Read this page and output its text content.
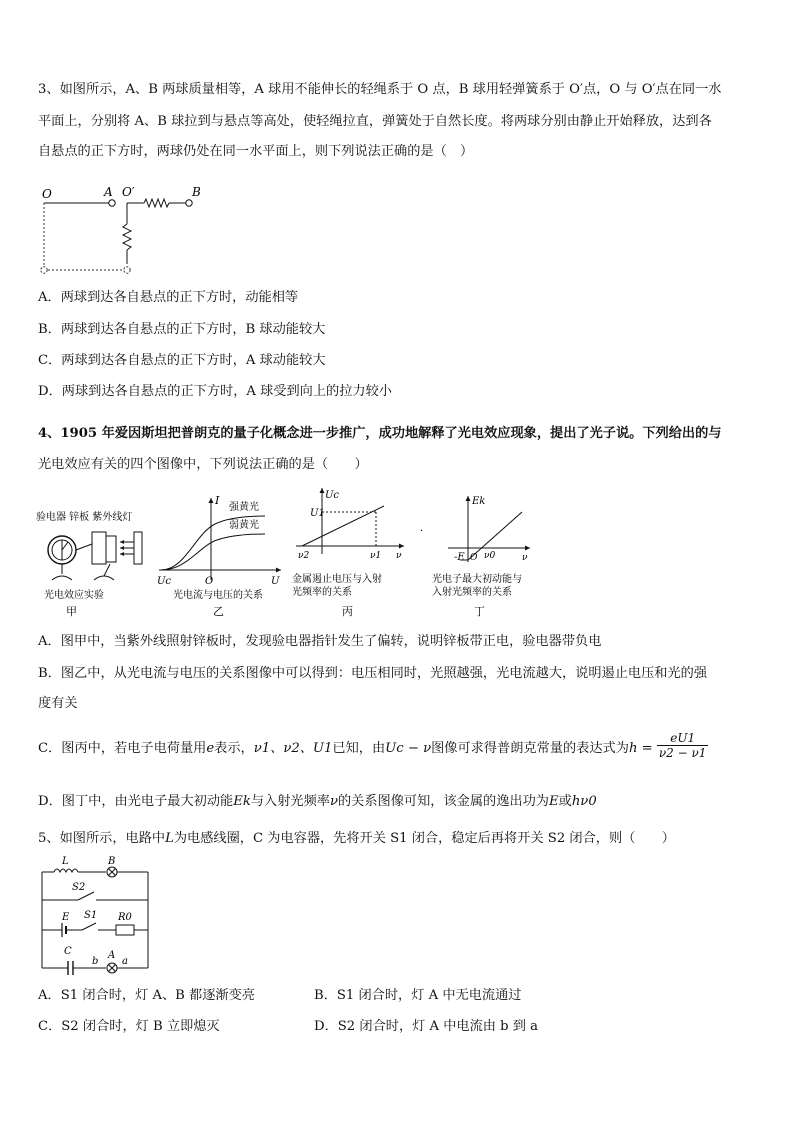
3、如图所示，A、B 两球质量相等，A 球用不能伸长的轻绳系于 O 点，B 球用轻弹簧系于 O′点，O 与 O′点在同一水
平面上，分别将 A、B 球拉到与悬点等高处，使轻绳拉直，弹簧处于自然长度。将两球分别由静止开始释放，达到各
自悬点的正下方时，两球仍处在同一水平面上，则下列说法正确的是（　）
O	A O′	B
A．两球到达各自悬点的正下方时，动能相等
B．两球到达各自悬点的正下方时，B 球动能较大
C．两球到达各自悬点的正下方时，A 球动能较大
D．两球到达各自悬点的正下方时，A 球受到向上的拉力较小
4、1905 年爱因斯坦把普朗克的量子化概念进一步推广，成功地解释了光电效应现象，提出了光子说。下列给出的与
光电效应有关的四个图像中，下列说法正确的是（　　）
验电器 锌板 紫外线灯
光电效应实验
甲
I
强黄光
弱黄光
Uc	O	U
光电流与电压的关系
乙
Uc
U1
ν2	ν1 ν
金属遏止电压与入射
光频率的关系
丙
·
Ek
-E O ν0	ν
光电子最大初动能与
入射光频率的关系
丁
A．图甲中，当紫外线照射锌板时，发现验电器指针发生了偏转，说明锌板带正电，验电器带负电
B．图乙中，从光电流与电压的关系图像中可以得到：电压相同时，光照越强，光电流越大，说明遏止电压和光的强
度有关
C．图丙中，若电子电荷量用e表示，ν1、ν2、U1已知，由Uc − ν图像可求得普朗克常量的表达式为$h = \frac{eU1}{\nu 2 - \nu 1}$
D．图丁中，由光电子最大初动能Ek与入射光频率ν的关系图像可知，该金属的逸出功为E或hν0
5、如图所示，电路中L为电感线圈，C 为电容器，先将开关 S1 闭合，稳定后再将开关 S2 闭合，则（　　）
L	B
S2
E S1 R0
C
b
A
a
A．S1 闭合时，灯 A、B 都逐渐变亮	B．S1 闭合时，灯 A 中无电流通过
C．S2 闭合时，灯 B 立即熄灭	D．S2 闭合时，灯 A 中电流由 b 到 a
